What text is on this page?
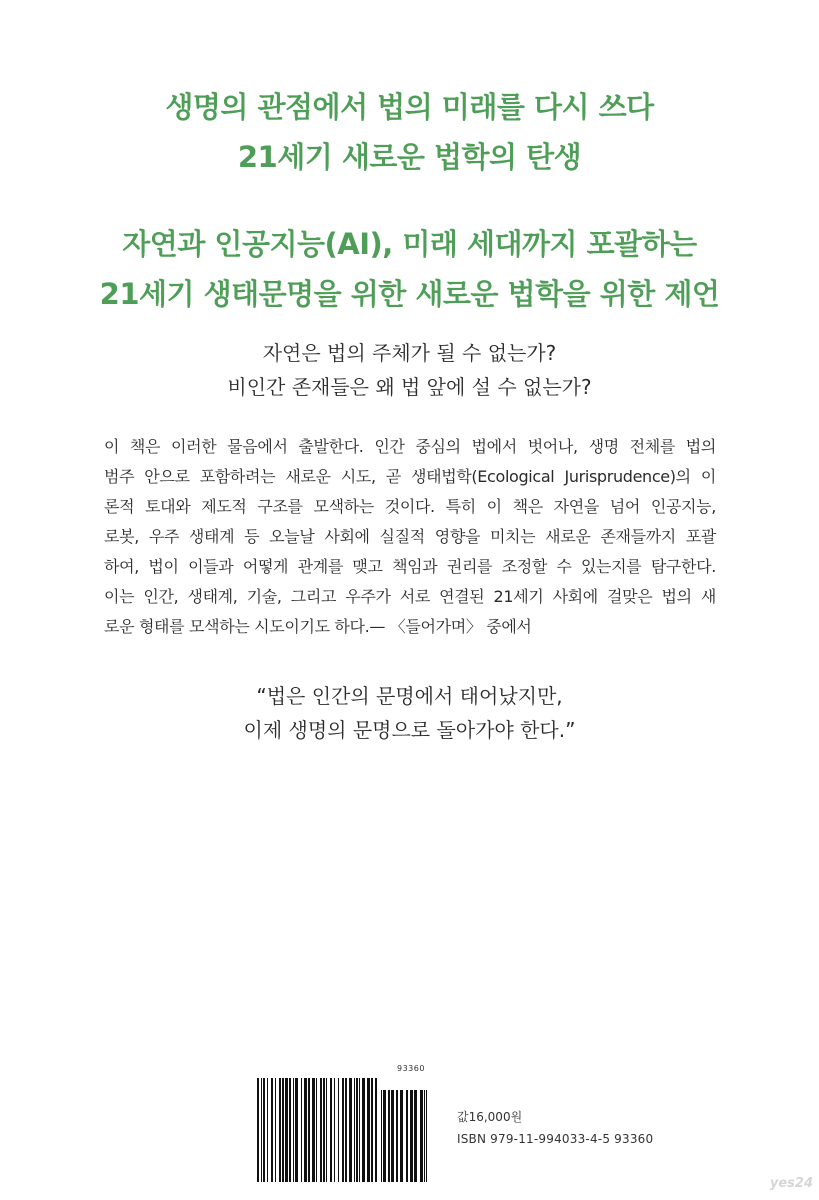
생명의 관점에서 법의 미래를 다시 쓰다
21세기 새로운 법학의 탄생
자연과 인공지능(AI), 미래 세대까지 포괄하는
21세기 생태문명을 위한 새로운 법학을 위한 제언
자연은 법의 주체가 될 수 없는가?
비인간 존재들은 왜 법 앞에 설 수 없는가?

이 책은 이러한 물음에서 출발한다. 인간 중심의 법에서 벗어나, 생명 전체를 법의
범주 안으로 포함하려는 새로운 시도, 곧 생태법학(Ecological Jurisprudence)의 이
론적 토대와 제도적 구조를 모색하는 것이다. 특히 이 책은 자연을 넘어 인공지능,
로봇, 우주 생태계 등 오늘날 사회에 실질적 영향을 미치는 새로운 존재들까지 포괄
하여, 법이 이들과 어떻게 관계를 맺고 책임과 권리를 조정할 수 있는지를 탐구한다.
이는 인간, 생태계, 기술, 그리고 우주가 서로 연결된 21세기 사회에 걸맞은 법의 새
로운 형태를 모색하는 시도이기도 하다.— 〈들어가며〉 중에서

“법은 인간의 문명에서 태어났지만,
이제 생명의 문명으로 돌아가야 한다.”
93360
값16,000원
ISBN 979-11-994033-4-5 93360
yes24
